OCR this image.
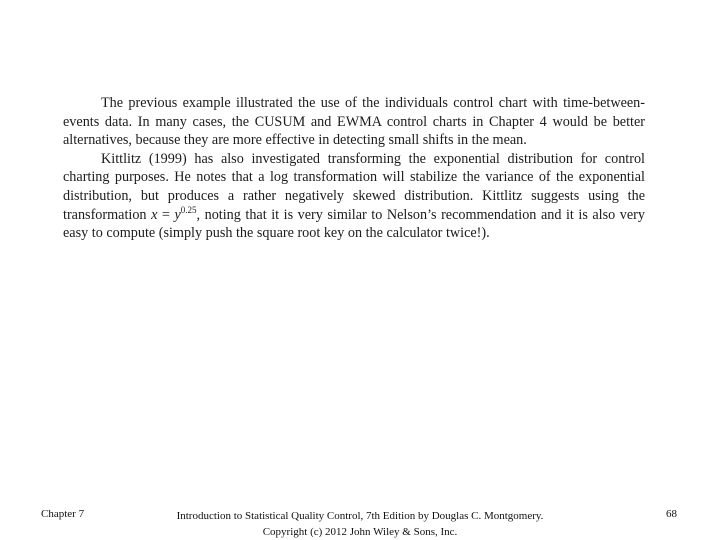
The previous example illustrated the use of the individuals control chart with time-between-events data. In many cases, the CUSUM and EWMA control charts in Chapter 4 would be better alternatives, because they are more effective in detecting small shifts in the mean.

Kittlitz (1999) has also investigated transforming the exponential distribution for control charting purposes. He notes that a log transformation will stabilize the variance of the exponential distribution, but produces a rather negatively skewed distribution. Kittlitz suggests using the transformation $x = y^{0.25}$, noting that it is very similar to Nelson’s recommendation and it is also very easy to compute (simply push the square root key on the calculator twice!).

Chapter 7	Introduction to Statistical Quality Control, 7th Edition by Douglas C. Montgomery.
Copyright (c) 2012 John Wiley & Sons, Inc.
68
